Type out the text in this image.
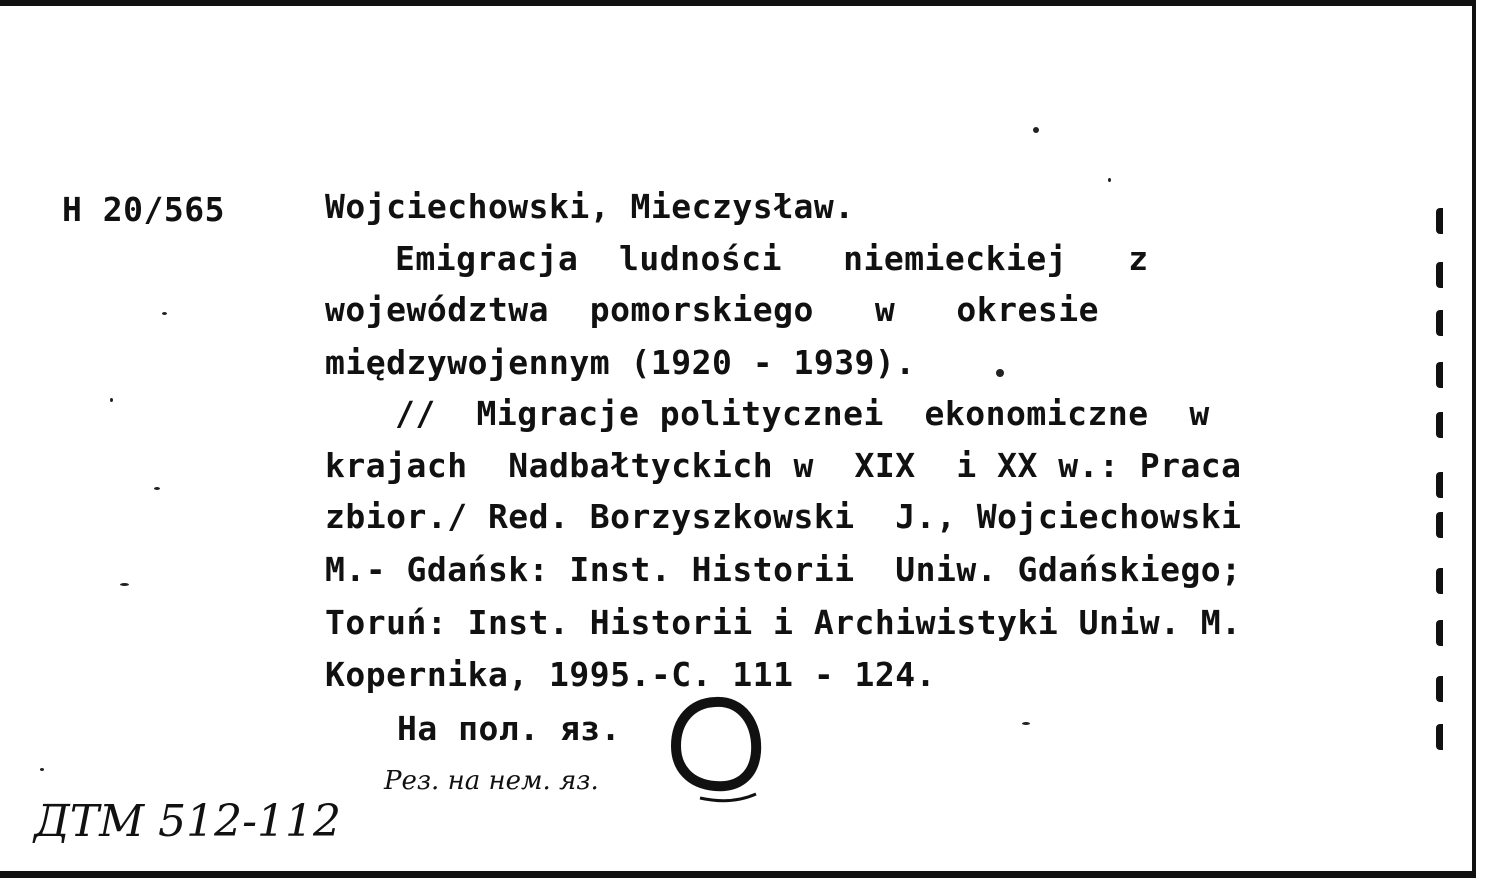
H 20/565	Wojciechowski, Mieczysław.
Emigracja  ludności   niemieckiej   z
województwa  pomorskiego   w   okresie
międzywojennym (1920 - 1939).
//  Migracje politycznei  ekonomiczne  w
krajach  Nadbałtyckich w  XIX  i XX w.: Praca
zbior./ Red. Borzyszkowski  J., Wojciechowski
M.- Gdańsk: Inst. Historii  Uniw. Gdańskiego;
Toruń: Inst. Historii i Archiwistyki Uniw. M.
Kopernika, 1995.-C. 111 - 124.
На пол. яз.
Рез. на нем. яз.
ДТМ 512-112
